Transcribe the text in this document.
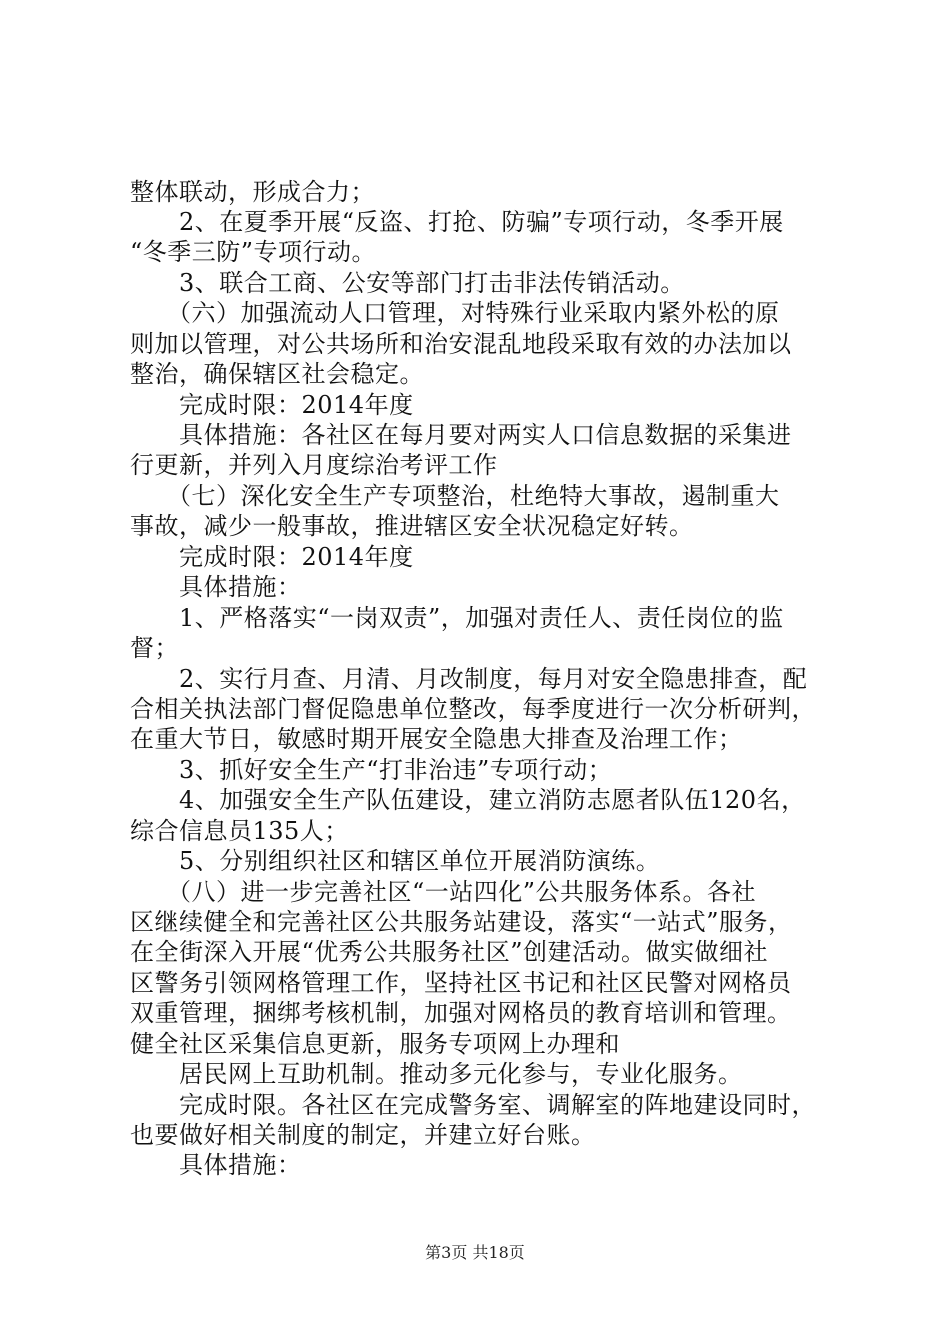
整体联动，形成合力；
　　2、在夏季开展“反盗、打抢、防骗”专项行动，冬季开展
“冬季三防”专项行动。
　　3、联合工商、公安等部门打击非法传销活动。
　　（六）加强流动人口管理，对特殊行业采取内紧外松的原
则加以管理，对公共场所和治安混乱地段采取有效的办法加以
整治，确保辖区社会稳定。
　　完成时限：2014年度
　　具体措施：各社区在每月要对两实人口信息数据的采集进
行更新，并列入月度综治考评工作
　　（七）深化安全生产专项整治，杜绝特大事故，遏制重大
事故，减少一般事故，推进辖区安全状况稳定好转。
　　完成时限：2014年度
　　具体措施：
　　1、严格落实“一岗双责”，加强对责任人、责任岗位的监
督；
　　2、实行月查、月清、月改制度，每月对安全隐患排查，配
合相关执法部门督促隐患单位整改，每季度进行一次分析研判，
在重大节日，敏感时期开展安全隐患大排查及治理工作；
　　3、抓好安全生产“打非治违”专项行动；
　　4、加强安全生产队伍建设，建立消防志愿者队伍120名，
综合信息员135人；
　　5、分别组织社区和辖区单位开展消防演练。
　　（八）进一步完善社区“一站四化”公共服务体系。各社
区继续健全和完善社区公共服务站建设，落实“一站式”服务，
在全街深入开展“优秀公共服务社区”创建活动。做实做细社
区警务引领网格管理工作，坚持社区书记和社区民警对网格员
双重管理，捆绑考核机制，加强对网格员的教育培训和管理。
健全社区采集信息更新，服务专项网上办理和
　　居民网上互助机制。推动多元化参与，专业化服务。
　　完成时限。各社区在完成警务室、调解室的阵地建设同时，
也要做好相关制度的制定，并建立好台账。
　　具体措施：
第3页 共18页
